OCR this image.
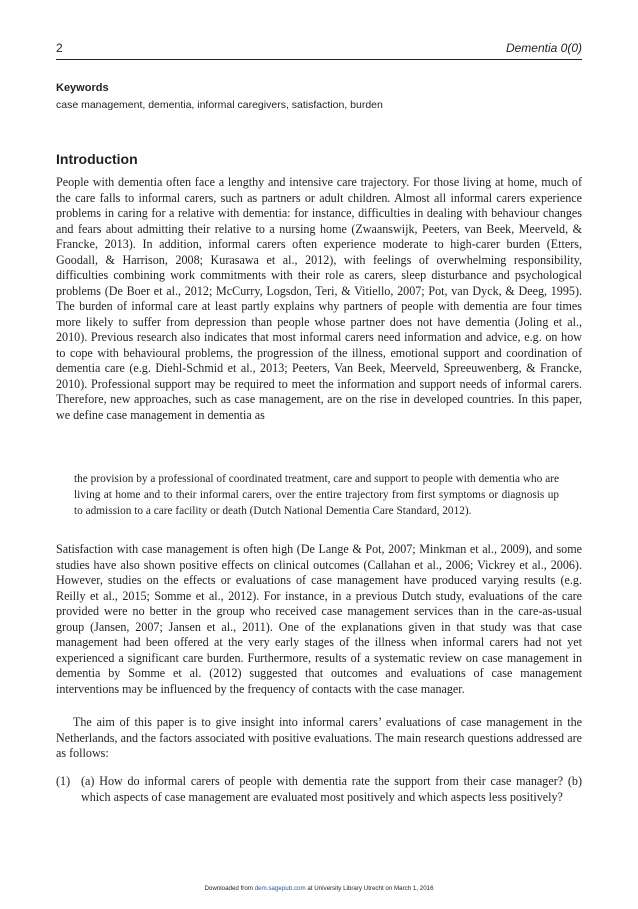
2	Dementia 0(0)
Keywords
case management, dementia, informal caregivers, satisfaction, burden
Introduction

People with dementia often face a lengthy and intensive care trajectory. For those living at home, much of the care falls to informal carers, such as partners or adult children. Almost all informal carers experience problems in caring for a relative with dementia: for instance, difficulties in dealing with behaviour changes and fears about admitting their relative to a nursing home (Zwaanswijk, Peeters, van Beek, Meerveld, & Francke, 2013). In addition, informal carers often experience moderate to high-carer burden (Etters, Goodall, & Harrison, 2008; Kurasawa et al., 2012), with feelings of overwhelming responsibility, difficulties combining work commitments with their role as carers, sleep disturbance and psychological problems (De Boer et al., 2012; McCurry, Logsdon, Teri, & Vitiello, 2007; Pot, van Dyck, & Deeg, 1995). The burden of informal care at least partly explains why partners of people with dementia are four times more likely to suffer from depression than people whose partner does not have dementia (Joling et al., 2010). Previous research also indicates that most informal carers need information and advice, e.g. on how to cope with behavioural problems, the progression of the illness, emotional support and coordination of dementia care (e.g. Diehl-Schmid et al., 2013; Peeters, Van Beek, Meerveld, Spreeuwenberg, & Francke, 2010). Professional support may be required to meet the information and support needs of informal carers. Therefore, new approaches, such as case management, are on the rise in developed countries. In this paper, we define case management in dementia as

the provision by a professional of coordinated treatment, care and support to people with dementia who are living at home and to their informal carers, over the entire trajectory from first symptoms or diagnosis up to admission to a care facility or death (Dutch National Dementia Care Standard, 2012).

Satisfaction with case management is often high (De Lange & Pot, 2007; Minkman et al., 2009), and some studies have also shown positive effects on clinical outcomes (Callahan et al., 2006; Vickrey et al., 2006). However, studies on the effects or evaluations of case management have produced varying results (e.g. Reilly et al., 2015; Somme et al., 2012). For instance, in a previous Dutch study, evaluations of the care provided were no better in the group who received case management services than in the care-as-usual group (Jansen, 2007; Jansen et al., 2011). One of the explanations given in that study was that case management had been offered at the very early stages of the illness when informal carers had not yet experienced a significant care burden. Furthermore, results of a systematic review on case management in dementia by Somme et al. (2012) suggested that outcomes and evaluations of case management interventions may be influenced by the frequency of contacts with the case manager.

The aim of this paper is to give insight into informal carers’ evaluations of case management in the Netherlands, and the factors associated with positive evaluations. The main research questions addressed are as follows:

(1) (a) How do informal carers of people with dementia rate the support from their case manager? (b) which aspects of case management are evaluated most positively and which aspects less positively?
Downloaded from dem.sagepub.com at University Library Utrecht on March 1, 2016
